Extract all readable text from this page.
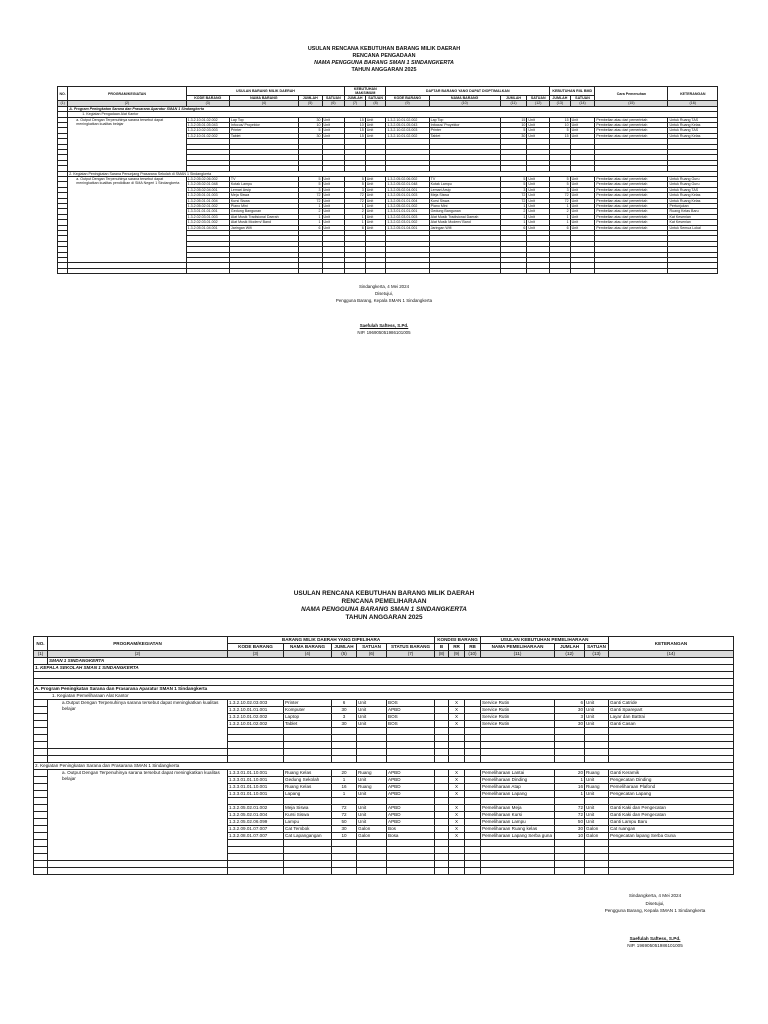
USULAN RENCANA KEBUTUHAN BARANG MILIK DAERAH
RENCANA PENGADAAN
NAMA PENGGUNA BARANG SMAN 1 SINDANGKERTA
TAHUN ANGGARAN 2025
NO.	PROGRAM/KEGIATAN	USULAN BARANG MILIK DAERAH				KEBUTUHAN MAKSIMUM		DAFTAR BARANG YANG DAPAT DIOPTIMALKAN				KEBUTUHAN RIIL BMD		Cara Pemenuhan	KETERANGAN
		KODE BARANG	NAMA BARANG	JUMLAH	SATUAN	JUMLAH	SATUAN	KODE BARANG	NAMA BARANG	JUMLAH	SATUAN	JUMLAH	SATUAN		
(1)	(2)	(3)	(4)	(5)	(6)	(7)	(8)	(9)	(10)	(11)	(12)	(13)	(14)	(15)	(16)
	A. Program Peningkatan Sarana dan Prasarana Aparatur SMAN 1 Sindangkerta														
	1. Kegiatan Pengadaan Alat Kantor														
	a. Output Dengan Terpenuhinya sarana tersebut dapat meningkatkan kualitas belajar	1.3.2.10.01.02.002	Lap Top	30	Unit	15	Unit	1.3.2.10.01.02.002	Lap Top	15	Unit	15	Unit	Pembelian atau dari pemerintah	Untuk Ruang TAS
		1.3.2.05.01.05.043	Infocus/ Proyektor	10	Unit	10	Unit	1.3.2.05.01.05.043	Infocus/ Proyektor	10	Unit	10	Unit	Pembelian atau dari pemerintah	Untuk Ruang Kelas
		1.3.2.10.02.03.003	Printer	5	Unit	15	Unit	1.3.2.10.02.03.003	Printer	5	Unit	5	Unit	Pembelian atau dari pemerintah	Untuk Ruang TAS
		1.3.2.10.01.02.002	Tablet	30	Unit	15	Unit	1.3.2.10.01.02.002	Tablet	30	Unit	15	Unit	Pembelian atau dari pemerintah	Untuk Ruang Kelas

	2. Kegiatan Peningkatan Sarana Penunjang Prasarana Sekolah di SMAN 1 Sindangkerta														
	a. Output Dengan Terpenuhinya sarana tersebut dapat meningkatkan kualitas pendidikan di SMA Negeri 1 Sindangkerta	1.3.2.05.02.06.002	TV	5	Unit	5	Unit	1.3.2.05.02.06.002	TV	5	Unit	5	Unit	Pembelian atau dari pemerintah	Untuk Ruang Guru
		1.3.2.05.02.01.048	Kotak Lampu	5	Unit	5	Unit	1.3.2.05.02.01.048	Kotak Lampu	5	Unit	5	Unit	Pembelian atau dari pemerintah	Untuk Ruang Guru
		1.3.2.05.02.04.001	Lemari Arsip	3	Unit	3	Unit	1.3.2.05.02.04.001	Lemari Arsip	3	Unit	3	Unit	Pembelian atau dari pemerintah	Untuk Ruang TAS
		1.3.2.05.01.01.003	Meja Siswa	72	Unit	72	Unit	1.3.2.05.01.01.003	Meja Siswa	72	Unit	72	Unit	Pembelian atau dari pemerintah	Untuk Ruang Kelas
		1.3.2.05.01.01.004	Kursi Siswa	72	Unit	72	Unit	1.3.2.05.01.01.004	Kursi Siswa	72	Unit	72	Unit	Pembelian atau dari pemerintah	Untuk Ruang Kelas
		1.3.2.05.02.01.002	Piano Mini	1	Unit	1	Unit	1.3.2.05.02.01.002	Piano Mini	1	Unit	1	Unit	Pembelian atau dari pemerintah	Pertunjukan
		1.3.3.01.01.01.001	Gedung Bangunan	2	Unit	2	Unit	1.3.3.01.01.01.001	Gedung Bangunan	2	Unit	2	Unit	Pembelian atau dari pemerintah	Ruang Kelas Baru
		1.3.2.02.03.01.003	Alat Musik Tradisional Daerah	1	Unit	1	Unit	1.3.2.02.03.01.003	Alat Musik Tradisional Daerah	1	Unit	1	Unit	Pembelian atau dari pemerintah	Kat Kesenian
		1.3.2.02.03.01.002	Alat Musik Modern/ Band	1	Unit	1	Unit	1.3.2.02.03.01.002	Alat Musik Modern/ Band	1	Unit	1	Unit	Pembelian atau dari pemerintah	Kat Kesenian
		1.3.2.05.01.04.001	Jaringan Wifi	6	Unit	6	Unit	1.3.2.05.01.04.001	Jaringan Wifi	6	Unit	6	Unit	Pembelian atau dari pemerintah	Untuk Semua Lokal

Sindangkerta, 4 Mei 2024
Disetujui,
Pengguna Barang, Kepala SMAN 1 Sindangkerta
Saefulah Saftess, S.Pd.
NIP. 196905051986101005
USULAN RENCANA KEBUTUHAN BARANG MILIK DAERAH
RENCANA PEMELIHARAAN
NAMA PENGGUNA BARANG SMAN 1 SINDANGKERTA
TAHUN ANGGARAN 2025
NO.	PROGRAM/KEGIATAN	BARANG MILIK DAERAH YANG DIPELIHARA					KONDISI BARANG			USULAN KEBUTUHAN PEMELIHARAAN			KETERANGAN
		KODE BARANG	NAMA BARANG	JUMLAH	SATUAN	STATUS BARANG	B	RR	RB	NAMA PEMELIHARAAN	JUMLAH	SATUAN	
(1)	(2)	(3)	(4)	(5)	(6)	(7)	(8)	(9)	(10)	(11)	(12)	(13)	(14)
	SMAN 1 SINDANGKERTA												
1. KEPALA SEKOLAH SMAN 1 SINDANGKERTA													

A. Program Peningkatan Sarana dan Prasarana Aparatur SMAN 1 Sindangkerta													
1. Kegiatan Pemeliharaan Alat Kantor													
	a.Output Dengan Terpenuhinya sarana tersebut dapat meningkatkan kualitas belajar	1.3.2.10.02.03.003	Printer	6	Unit	BOS		X		Service Rutin	6	Unit	Ganti Catride
		1.3.2.10.01.01.001	Komputer	30	Unit	APBD		X		Service Rutin	30	Unit	Ganti Sparepart
		1.3.2.10.01.02.002	Laptop	3	Unit	BOS		X		Service Rutin	3	Unit	Layar dan Battrai
		1.3.2.10.01.02.002	Tablet	30	Unit	BOS		X		Service Rutin	30	Unit	Ganti Casan

2. Kegiatan Peningkatan Sarana dan Prasarana SMAN 1 Sindangkerta													
	a. Output Dengan Terpenuhinya sarana tersebut dapat meningkatkan kualitas belajar	1.3.3.01.01.10.001	Ruang Kelas	20	Ruang	APBD		X		Pemeliharaan Lantai	20	Ruang	Ganti Keramik
		1.3.3.01.01.10.001	Gedung Sekolah	1	Unit	APBD		X		Pemeliharaan Dinding	1	Unit	Pengecatan Dinding
		1.3.3.01.01.10.001	Ruang Kelas	16	Ruang	APBD		X		Pemeliharaan Atap	16	Ruang	Pemeliharaan Plafond
		1.3.3.01.01.10.001	Lapang	1	Unit	APBD		X		Pemeliharaan Lapang	1	Unit	Pengecatan Lapang

		1.3.2.05.02.01.002	Meja Siswa	72	Unit	APBD		X		Pemeliharaan Meja	72	Unit	Ganti Kaki dan Pengecatan
		1.3.2.05.02.01.004	Kursi Siswa	72	Unit	APBD		X		Pemeliharaan Kursi	72	Unit	Ganti Kaki dan Pengecatan
		1.3.2.05.02.06.099	Lampu	50	Unit	APBD		X		Pemeliharaan Lampu	50	Unit	Ganti Lampu Baru
		1.3.2.09.01.07.007	Cat Tembok	30	Galon	Bos		X		Pemeliharaan Ruang kelas	30	Galon	Cat ruangan
		1.3.2.08.01.07.007	Cat Lapangangan	10	Galon	Bosa		X		Pemeliharaan Lapang Serba guna	10	Galon	Pengecatan lapang Serba Guna

Sindangkerta, 4 Mei 2024
Disetujui,
Pengguna Barang, Kepala SMAN 1 Sindangkerta
Saefulah Saftess, S.Pd.
NIP. 196905051986101005
